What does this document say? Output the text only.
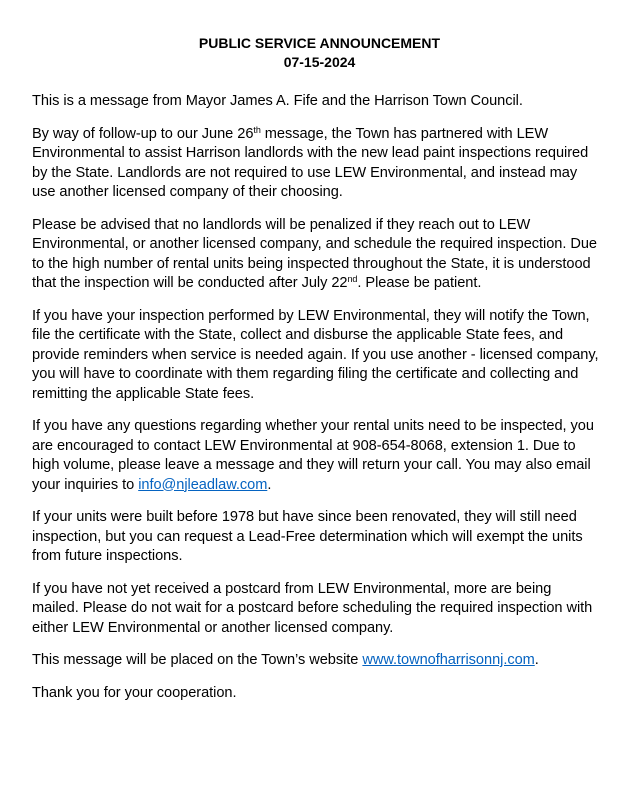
PUBLIC SERVICE ANNOUNCEMENT
07-15-2024

This is a message from Mayor James A. Fife and the Harrison Town Council.

By way of follow-up to our June 26th message, the Town has partnered with LEW Environmental to assist Harrison landlords with the new lead paint inspections required by the State. Landlords are not required to use LEW Environmental, and instead may use another licensed company of their choosing.

Please be advised that no landlords will be penalized if they reach out to LEW Environmental, or another licensed company, and schedule the required inspection. Due to the high number of rental units being inspected throughout the State, it is understood that the inspection will be conducted after July 22nd. Please be patient.

If you have your inspection performed by LEW Environmental, they will notify the Town, file the certificate with the State, collect and disburse the applicable State fees, and provide reminders when service is needed again. If you use another - licensed company, you will have to coordinate with them regarding filing the certificate and collecting and remitting the applicable State fees.

If you have any questions regarding whether your rental units need to be inspected, you are encouraged to contact LEW Environmental at 908-654-8068, extension 1. Due to high volume, please leave a message and they will return your call. You may also email your inquiries to info@njleadlaw.com.

If your units were built before 1978 but have since been renovated, they will still need inspection, but you can request a Lead-Free determination which will exempt the units from future inspections.

If you have not yet received a postcard from LEW Environmental, more are being mailed. Please do not wait for a postcard before scheduling the required inspection with either LEW Environmental or another licensed company.

This message will be placed on the Town’s website www.townofharrisonnj.com.

Thank you for your cooperation.
